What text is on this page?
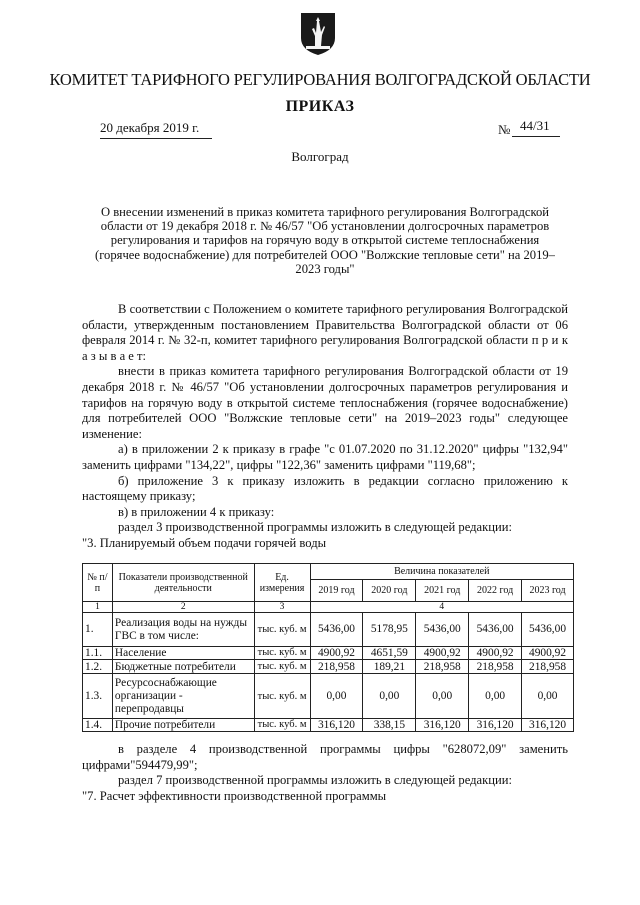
КОМИТЕТ ТАРИФНОГО РЕГУЛИРОВАНИЯ ВОЛГОГРАДСКОЙ ОБЛАСТИ
ПРИКАЗ
20 декабря 2019 г.	№ 44/31
Волгоград
О внесении изменений в приказ комитета тарифного регулирования Волгоградской области от 19 декабря 2018 г. № 46/57 "Об установлении долгосрочных параметров регулирования и тарифов на горячую воду в открытой системе теплоснабжения (горячее водоснабжение) для потребителей ООО "Волжские тепловые сети" на 2019–2023 годы"

В соответствии с Положением о комитете тарифного регулирования Волгоградской области, утвержденным постановлением Правительства Волгоградской области от 06 февраля 2014 г. № 32-п, комитет тарифного регулирования Волгоградской области п р и к а з ы в а е т:

внести в приказ комитета тарифного регулирования Волгоградской области от 19 декабря 2018 г. № 46/57 "Об установлении долгосрочных параметров регулирования и тарифов на горячую воду в открытой системе теплоснабжения (горячее водоснабжение) для потребителей ООО "Волжские тепловые сети" на 2019–2023 годы" следующее изменение:

а) в приложении 2 к приказу в графе "с 01.07.2020 по 31.12.2020" цифры "132,94" заменить цифрами "134,22", цифры "122,36" заменить цифрами "119,68";

б) приложение 3 к приказу изложить в редакции согласно приложению к настоящему приказу;

в) в приложении 4 к приказу:

раздел 3 производственной программы изложить в следующей редакции:

"3. Планируемый объем подачи горячей воды

№ п/п	Показатели производственной деятельности	Ед. измерения	Величина показателей				
			2019 год	2020 год	2021 год	2022 год	2023 год
1	2	3	4				
1.	Реализация воды на нужды ГВС в том числе:	тыс. куб. м	5436,00	5178,95	5436,00	5436,00	5436,00
1.1.	Население	тыс. куб. м	4900,92	4651,59	4900,92	4900,92	4900,92
1.2.	Бюджетные потребители	тыс. куб. м	218,958	189,21	218,958	218,958	218,958
1.3.	Ресурсоснабжающие организации - перепродавцы	тыс. куб. м	0,00	0,00	0,00	0,00	0,00
1.4.	Прочие потребители	тыс. куб. м	316,120	338,15	316,120	316,120	316,120

в разделе 4 производственной программы цифры "628072,09" заменить цифрами"594479,99";

раздел 7 производственной программы изложить в следующей редакции:

"7. Расчет эффективности производственной программы
